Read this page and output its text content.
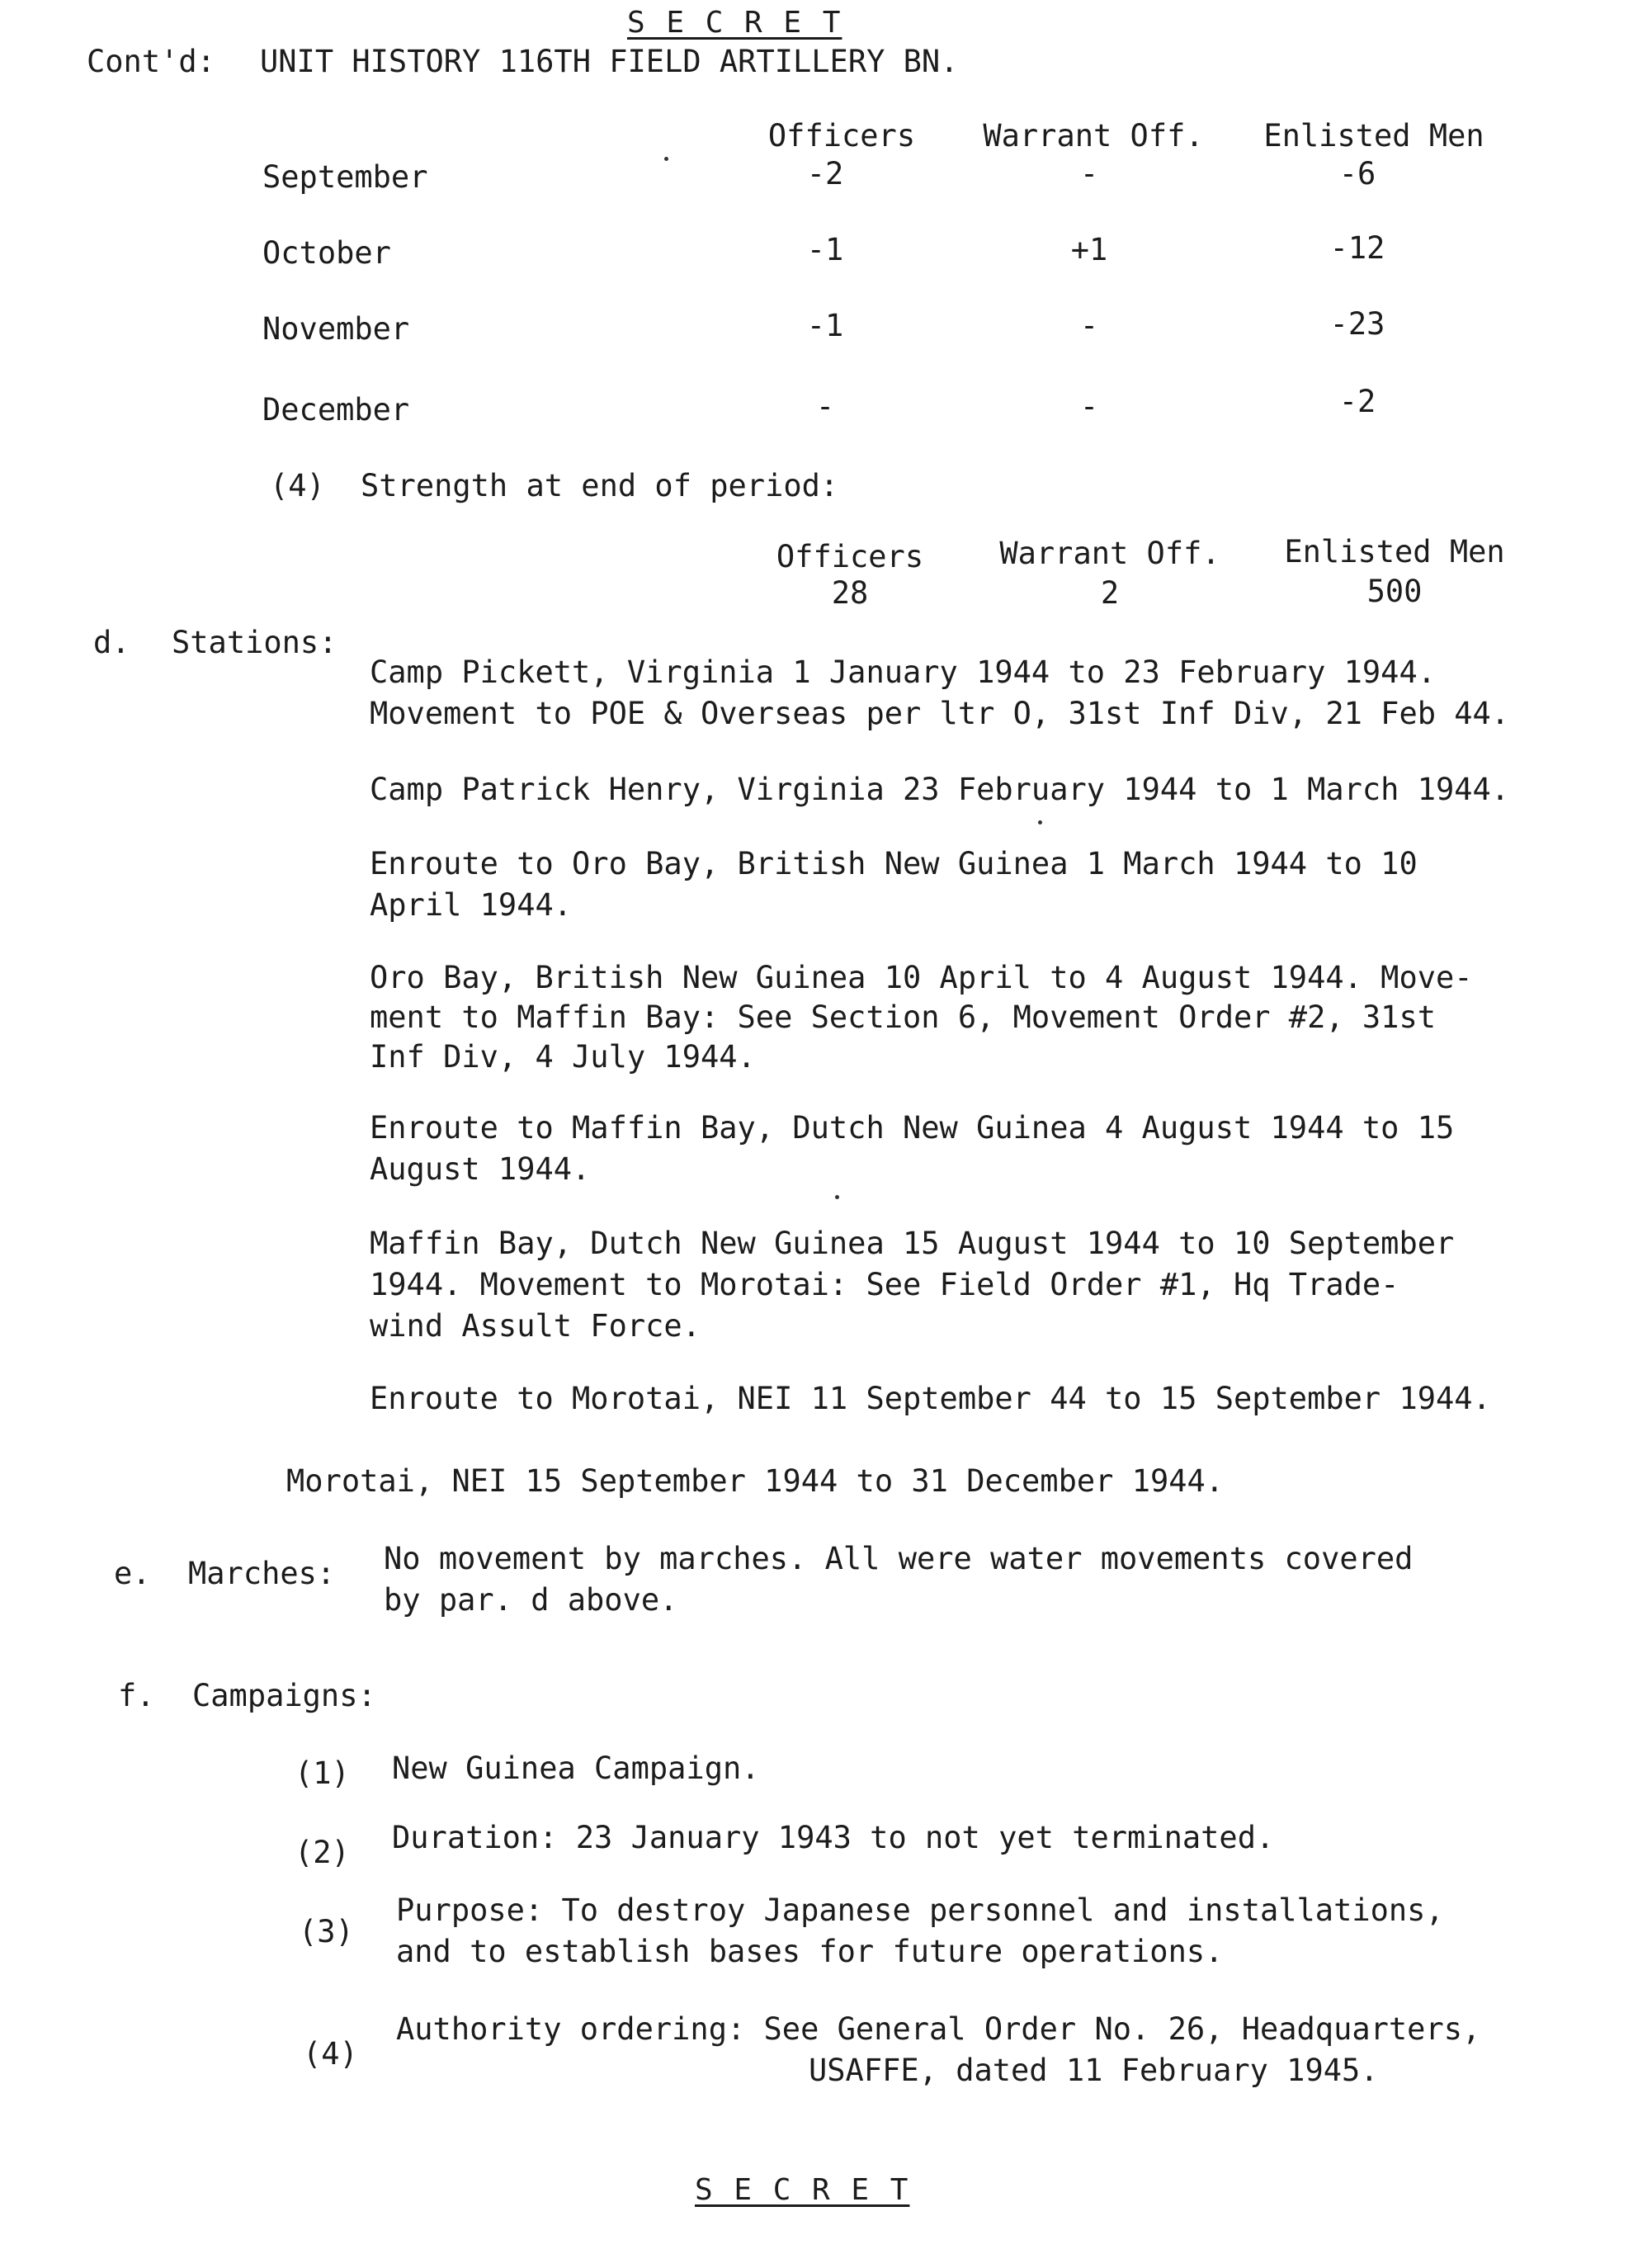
S E C R E T
Cont'd: UNIT HISTORY 116TH FIELD ARTILLERY BN.
Officers	Warrant Off.	Enlisted Men
September	-2	-	-6
October	-1	+1	-12
November	-1	-	-23
December	-	-	-2
(4) Strength at end of period:
Officers	Warrant Off.	Enlisted Men
28	2	500
d. Stations:
Camp Pickett, Virginia 1 January 1944 to 23 February 1944.
Movement to POE & Overseas per ltr O, 31st Inf Div, 21 Feb 44.
Camp Patrick Henry, Virginia 23 February 1944 to 1 March 1944.
Enroute to Oro Bay, British New Guinea 1 March 1944 to 10
April 1944.
Oro Bay, British New Guinea 10 April to 4 August 1944. Move-
ment to Maffin Bay: See Section 6, Movement Order #2, 31st
Inf Div, 4 July 1944.
Enroute to Maffin Bay, Dutch New Guinea 4 August 1944 to 15
August 1944.
Maffin Bay, Dutch New Guinea 15 August 1944 to 10 September
1944. Movement to Morotai: See Field Order #1, Hq Trade-
wind Assult Force.
Enroute to Morotai, NEI 11 September 44 to 15 September 1944.
Morotai, NEI 15 September 1944 to 31 December 1944.
e. Marches: No movement by marches. All were water movements covered
by par. d above.
f. Campaigns:
(1) New Guinea Campaign.
(2) Duration: 23 January 1943 to not yet terminated.
(3)
Purpose: To destroy Japanese personnel and installations,
and to establish bases for future operations.
(4)
Authority ordering: See General Order No. 26, Headquarters,
USAFFE, dated 11 February 1945.
S E C R E T
